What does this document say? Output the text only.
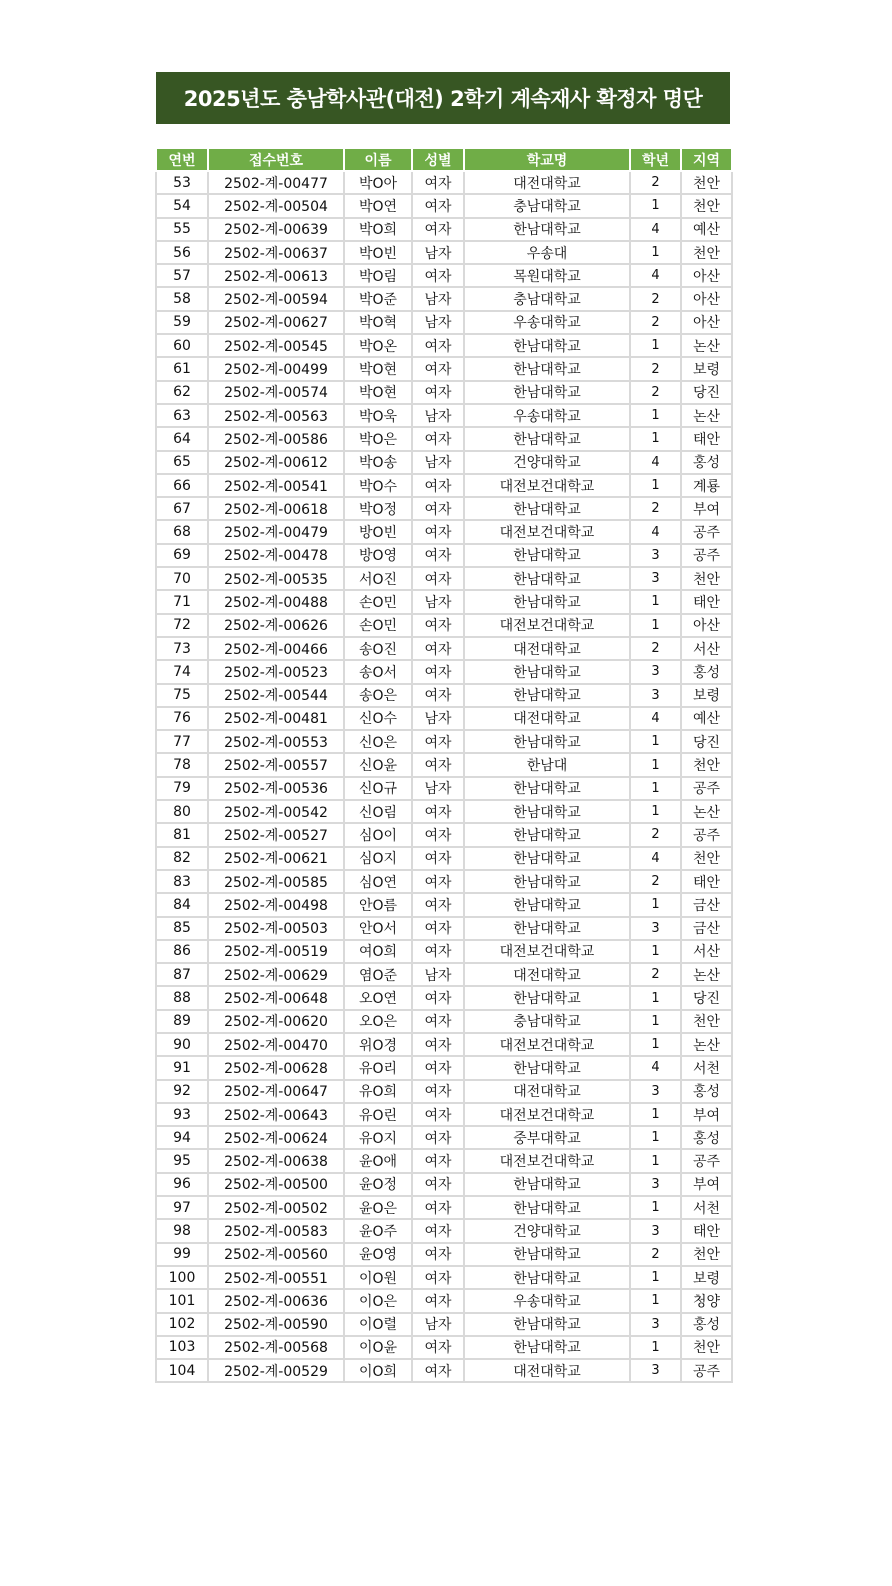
2025년도 충남학사관(대전) 2학기 계속재사 확정자 명단
연번	접수번호	이름	성별	학교명	학년	지역
53	2502-계-00477	박O아	여자	대전대학교	2	천안
54	2502-계-00504	박O연	여자	충남대학교	1	천안
55	2502-계-00639	박O희	여자	한남대학교	4	예산
56	2502-계-00637	박O빈	남자	우송대	1	천안
57	2502-계-00613	박O림	여자	목원대학교	4	아산
58	2502-계-00594	박O준	남자	충남대학교	2	아산
59	2502-계-00627	박O혁	남자	우송대학교	2	아산
60	2502-계-00545	박O온	여자	한남대학교	1	논산
61	2502-계-00499	박O현	여자	한남대학교	2	보령
62	2502-계-00574	박O현	여자	한남대학교	2	당진
63	2502-계-00563	박O욱	남자	우송대학교	1	논산
64	2502-계-00586	박O은	여자	한남대학교	1	태안
65	2502-계-00612	박O송	남자	건양대학교	4	홍성
66	2502-계-00541	박O수	여자	대전보건대학교	1	계룡
67	2502-계-00618	박O정	여자	한남대학교	2	부여
68	2502-계-00479	방O빈	여자	대전보건대학교	4	공주
69	2502-계-00478	방O영	여자	한남대학교	3	공주
70	2502-계-00535	서O진	여자	한남대학교	3	천안
71	2502-계-00488	손O민	남자	한남대학교	1	태안
72	2502-계-00626	손O민	여자	대전보건대학교	1	아산
73	2502-계-00466	송O진	여자	대전대학교	2	서산
74	2502-계-00523	송O서	여자	한남대학교	3	홍성
75	2502-계-00544	송O은	여자	한남대학교	3	보령
76	2502-계-00481	신O수	남자	대전대학교	4	예산
77	2502-계-00553	신O은	여자	한남대학교	1	당진
78	2502-계-00557	신O윤	여자	한남대	1	천안
79	2502-계-00536	신O규	남자	한남대학교	1	공주
80	2502-계-00542	신O림	여자	한남대학교	1	논산
81	2502-계-00527	심O이	여자	한남대학교	2	공주
82	2502-계-00621	심O지	여자	한남대학교	4	천안
83	2502-계-00585	심O연	여자	한남대학교	2	태안
84	2502-계-00498	안O름	여자	한남대학교	1	금산
85	2502-계-00503	안O서	여자	한남대학교	3	금산
86	2502-계-00519	여O희	여자	대전보건대학교	1	서산
87	2502-계-00629	염O준	남자	대전대학교	2	논산
88	2502-계-00648	오O연	여자	한남대학교	1	당진
89	2502-계-00620	오O은	여자	충남대학교	1	천안
90	2502-계-00470	위O경	여자	대전보건대학교	1	논산
91	2502-계-00628	유O리	여자	한남대학교	4	서천
92	2502-계-00647	유O희	여자	대전대학교	3	홍성
93	2502-계-00643	유O린	여자	대전보건대학교	1	부여
94	2502-계-00624	유O지	여자	중부대학교	1	홍성
95	2502-계-00638	윤O애	여자	대전보건대학교	1	공주
96	2502-계-00500	윤O정	여자	한남대학교	3	부여
97	2502-계-00502	윤O은	여자	한남대학교	1	서천
98	2502-계-00583	윤O주	여자	건양대학교	3	태안
99	2502-계-00560	윤O영	여자	한남대학교	2	천안
100	2502-계-00551	이O원	여자	한남대학교	1	보령
101	2502-계-00636	이O은	여자	우송대학교	1	청양
102	2502-계-00590	이O렬	남자	한남대학교	3	홍성
103	2502-계-00568	이O윤	여자	한남대학교	1	천안
104	2502-계-00529	이O희	여자	대전대학교	3	공주
